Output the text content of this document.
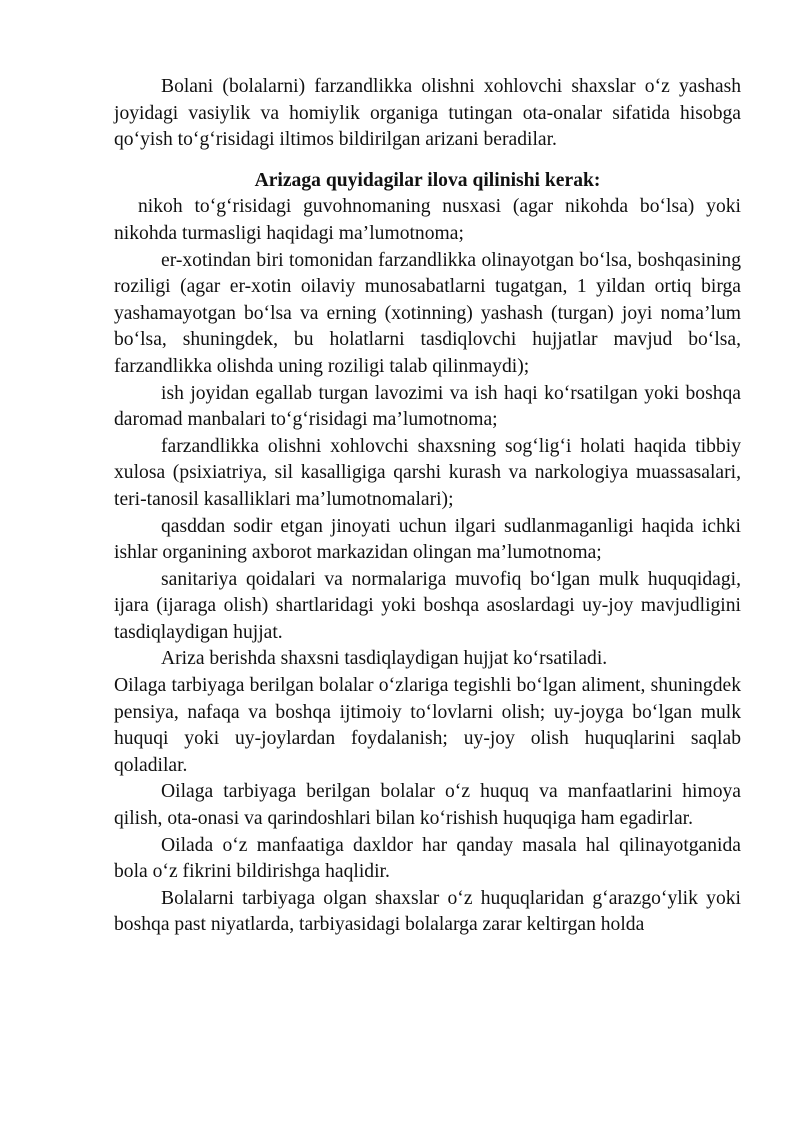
Bolani (bolalarni) farzandlikka olishni xohlovchi shaxslar o‘z yashash joyidagi vasiylik va homiylik organiga tutingan ota-onalar sifatida hisobga qo‘yish to‘g‘risidagi iltimos bildirilgan arizani beradilar.

Arizaga quyidagilar ilova qilinishi kerak:

nikoh to‘g‘risidagi guvohnomaning nusxasi (agar nikohda bo‘lsa) yoki nikohda turmasligi haqidagi ma’lumotnoma;

er-xotindan biri tomonidan farzandlikka olinayotgan bo‘lsa, boshqasining roziligi (agar er-xotin oilaviy munosabatlarni tugatgan, 1 yildan ortiq birga yashamayotgan bo‘lsa va erning (xotinning) yashash (turgan) joyi noma’lum bo‘lsa, shuningdek, bu holatlarni tasdiqlovchi hujjatlar mavjud bo‘lsa, farzandlikka olishda uning roziligi talab qilinmaydi);

ish joyidan egallab turgan lavozimi va ish haqi ko‘rsatilgan yoki boshqa daromad manbalari to‘g‘risidagi ma’lumotnoma;

farzandlikka olishni xohlovchi shaxsning sog‘lig‘i holati haqida tibbiy xulosa (psixiatriya, sil kasalligiga qarshi kurash va narkologiya muassasalari, teri-tanosil kasalliklari ma’lumotnomalari);

qasddan sodir etgan jinoyati uchun ilgari sudlanmaganligi haqida ichki ishlar organining axborot markazidan olingan ma’lumotnoma;

sanitariya qoidalari va normalariga muvofiq bo‘lgan mulk huquqidagi, ijara (ijaraga olish) shartlaridagi yoki boshqa asoslardagi uy-joy mavjudligini tasdiqlaydigan hujjat.

Ariza berishda shaxsni tasdiqlaydigan hujjat ko‘rsatiladi.

Oilaga tarbiyaga berilgan bolalar o‘zlariga tegishli bo‘lgan aliment, shuningdek pensiya, nafaqa va boshqa ijtimoiy to‘lovlarni olish; uy-joyga bo‘lgan mulk huquqi yoki uy-joylardan foydalanish; uy-joy olish huquqlarini saqlab qoladilar.

Oilaga tarbiyaga berilgan bolalar o‘z huquq va manfaatlarini himoya qilish, ota-onasi va qarindoshlari bilan ko‘rishish huquqiga ham egadirlar.

Oilada o‘z manfaatiga daxldor har qanday masala hal qilinayotganida bola o‘z fikrini bildirishga haqlidir.

Bolalarni tarbiyaga olgan shaxslar o‘z huquqlaridan g‘arazgo‘ylik yoki boshqa past niyatlarda, tarbiyasidagi bolalarga zarar keltirgan holda
